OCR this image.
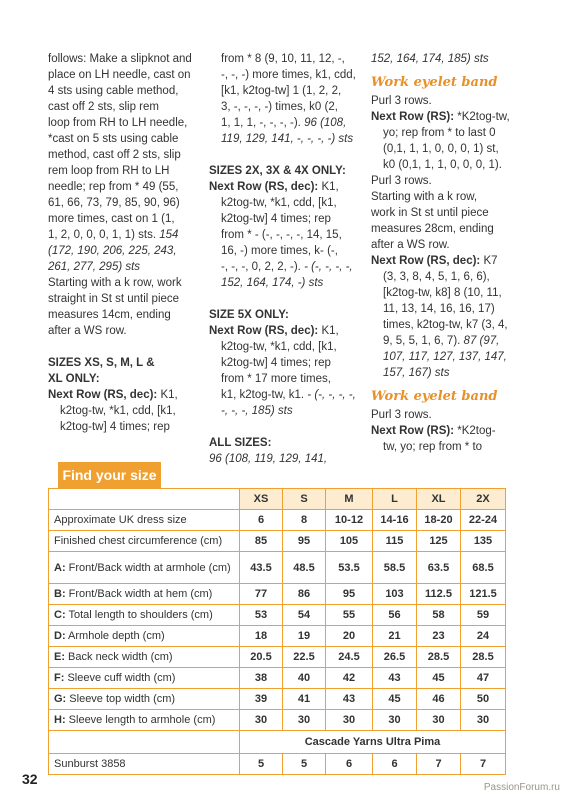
follows: Make a slipknot and

place on LH needle, cast on

4 sts using cable method,

cast off 2 sts, slip rem

loop from RH to LH needle,

*cast on 5 sts using cable

method, cast off 2 sts, slip

rem loop from RH to LH

needle; rep from * 49 (55,

61, 66, 73, 79, 85, 90, 96)

more times, cast on 1 (1,

1, 2, 0, 0, 0, 1, 1) sts. 154

(172, 190, 206, 225, 243,

261, 277, 295) sts

Starting with a k row, work

straight in St st until piece

measures 14cm, ending

after a WS row.

SIZES XS, S, M, L &

XL ONLY:

Next Row (RS, dec): K1,

k2tog-tw, *k1, cdd, [k1,

k2tog-tw] 4 times; rep

from * 8 (9, 10, 11, 12, -,

-, -, -) more times, k1, cdd,

[k1, k2tog-tw] 1 (1, 2, 2,

3, -, -, -, -) times, k0 (2,

1, 1, 1, -, -, -, -). 96 (108,

119, 129, 141, -, -, -, -) sts

SIZES 2X, 3X & 4X ONLY:

Next Row (RS, dec): K1,

k2tog-tw, *k1, cdd, [k1,

k2tog-tw] 4 times; rep

from * - (-, -, -, -, 14, 15,

16, -) more times, k- (-,

-, -, -, 0, 2, 2, -). - (-, -, -, -,

152, 164, 174, -) sts

SIZE 5X ONLY:

Next Row (RS, dec): K1,

k2tog-tw, *k1, cdd, [k1,

k2tog-tw] 4 times; rep

from * 17 more times,

k1, k2tog-tw, k1. - (-, -, -, -,

-, -, -, 185) sts

ALL SIZES:

96 (108, 119, 129, 141,

152, 164, 174, 185) sts

Work eyelet band

Purl 3 rows.

Next Row (RS): *K2tog-tw,

yo; rep from * to last 0

(0,1, 1, 1, 0, 0, 0, 1) st,

k0 (0,1, 1, 1, 0, 0, 0, 1).

Purl 3 rows.

Starting with a k row,

work in St st until piece

measures 28cm, ending

after a WS row.

Next Row (RS, dec): K7

(3, 3, 8, 4, 5, 1, 6, 6),

[k2tog-tw, k8] 8 (10, 11,

11, 13, 14, 16, 16, 17)

times, k2tog-tw, k7 (3, 4,

9, 5, 5, 1, 6, 7). 87 (97,

107, 117, 127, 137, 147,

157, 167) sts

Work eyelet band

Purl 3 rows.

Next Row (RS): *K2tog-

tw, yo; rep from * to

Find your size
	XS	S	M	L	XL	2X
Approximate UK dress size	6	8	10-12	14-16	18-20	22-24
Finished chest circumference (cm)	85	95	105	115	125	135
A: Front/Back width at armhole (cm)	43.5	48.5	53.5	58.5	63.5	68.5
B: Front/Back width at hem (cm)	77	86	95	103	112.5	121.5
C: Total length to shoulders (cm)	53	54	55	56	58	59
D: Armhole depth (cm)	18	19	20	21	23	24
E: Back neck width (cm)	20.5	22.5	24.5	26.5	28.5	28.5
F: Sleeve cuff width (cm)	38	40	42	43	45	47
G: Sleeve top width (cm)	39	41	43	45	46	50
H: Sleeve length to armhole (cm)	30	30	30	30	30	30
	Cascade Yarns Ultra Pima					
Sunburst 3858	5	5	6	6	7	7
32
PassionForum.ru
